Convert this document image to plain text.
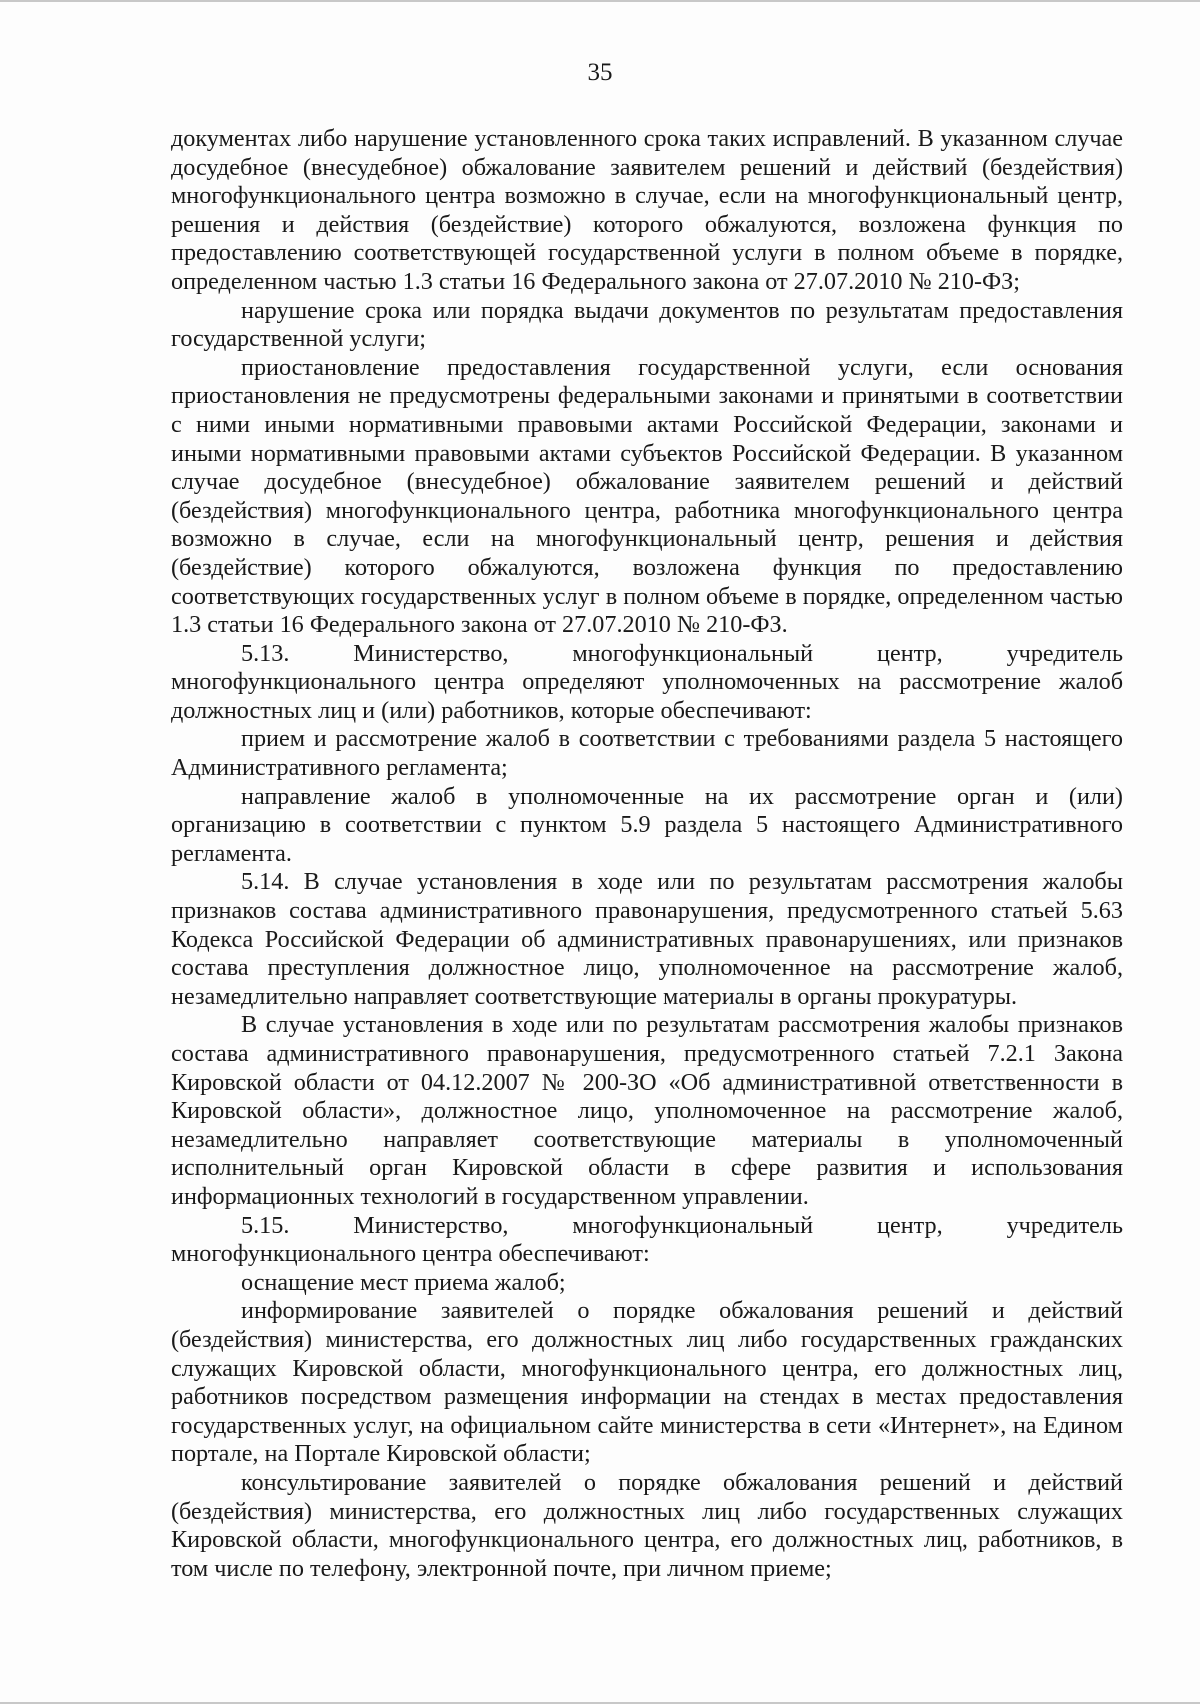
35

документах либо нарушение установленного срока таких исправлений. В указанном случае досудебное (внесудебное) обжалование заявителем решений и действий (бездействия) многофункционального центра возможно в случае, если на многофункциональный центр, решения и действия (бездействие) которого обжалуются, возложена функция по предоставлению соответствующей государственной услуги в полном объеме в порядке, определенном частью 1.3 статьи 16 Федерального закона от 27.07.2010 № 210-ФЗ;

нарушение срока или порядка выдачи документов по результатам предоставления государственной услуги;

приостановление предоставления государственной услуги, если основания приостановления не предусмотрены федеральными законами и принятыми в соответствии с ними иными нормативными правовыми актами Российской Федерации, законами и иными нормативными правовыми актами субъектов Российской Федерации. В указанном случае досудебное (внесудебное) обжалование заявителем решений и действий (бездействия) многофункционального центра, работника многофункционального центра возможно в случае, если на многофункциональный центр, решения и действия (бездействие) которого обжалуются, возложена функция по предоставлению соответствующих государственных услуг в полном объеме в порядке, определенном частью 1.3 статьи 16 Федерального закона от 27.07.2010 № 210-ФЗ.

5.13. Министерство, многофункциональный центр, учредитель многофункционального центра определяют уполномоченных на рассмотрение жалоб должностных лиц и (или) работников, которые обеспечивают:

прием и рассмотрение жалоб в соответствии с требованиями раздела 5 настоящего Административного регламента;

направление жалоб в уполномоченные на их рассмотрение орган и (или) организацию в соответствии с пунктом 5.9 раздела 5 настоящего Административного регламента.

5.14. В случае установления в ходе или по результатам рассмотрения жалобы признаков состава административного правонарушения, предусмотренного статьей 5.63 Кодекса Российской Федерации об административных правонарушениях, или признаков состава преступления должностное лицо, уполномоченное на рассмотрение жалоб, незамедлительно направляет соответствующие материалы в органы прокуратуры.

В случае установления в ходе или по результатам рассмотрения жалобы признаков состава административного правонарушения, предусмотренного статьей 7.2.1 Закона Кировской области от 04.12.2007 № 200-ЗО «Об административной ответственности в Кировской области», должностное лицо, уполномоченное на рассмотрение жалоб, незамедлительно направляет соответствующие материалы в уполномоченный исполнительный орган Кировской области в сфере развития и использования информационных технологий в государственном управлении.

5.15. Министерство, многофункциональный центр, учредитель многофункционального центра обеспечивают:

оснащение мест приема жалоб;

информирование заявителей о порядке обжалования решений и действий (бездействия) министерства, его должностных лиц либо государственных гражданских служащих Кировской области, многофункционального центра, его должностных лиц, работников посредством размещения информации на стендах в местах предоставления государственных услуг, на официальном сайте министерства в сети «Интернет», на Едином портале, на Портале Кировской области;

консультирование заявителей о порядке обжалования решений и действий (бездействия) министерства, его должностных лиц либо государственных служащих Кировской области, многофункционального центра, его должностных лиц, работников, в том числе по телефону, электронной почте, при личном приеме;
